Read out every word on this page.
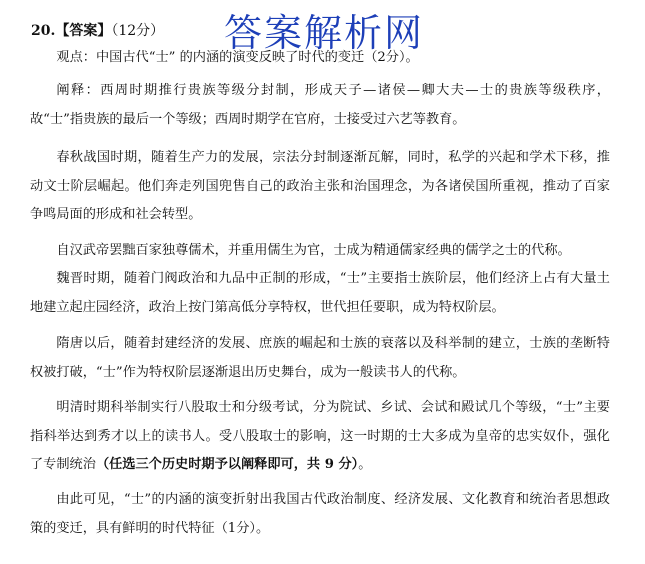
20.【答案】（12分） 答案解析网

观点：中国古代“士” 的内涵的演变反映了时代的变迁（2分）。

阐释：西周时期推行贵族等级分封制，形成天子—诸侯—卿大夫—士的贵族等级秩序，故“士”指贵族的最后一个等级；西周时期学在官府，士接受过六艺等教育。

春秋战国时期，随着生产力的发展，宗法分封制逐渐瓦解，同时，私学的兴起和学术下移，推动文士阶层崛起。他们奔走列国兜售自己的政治主张和治国理念，为各诸侯国所重视，推动了百家争鸣局面的形成和社会转型。

自汉武帝罢黜百家独尊儒术，并重用儒生为官，士成为精通儒家经典的儒学之士的代称。

魏晋时期，随着门阀政治和九品中正制的形成，“士”主要指士族阶层，他们经济上占有大量土地建立起庄园经济，政治上按门第高低分享特权，世代担任要职，成为特权阶层。

隋唐以后，随着封建经济的发展、庶族的崛起和士族的衰落以及科举制的建立，士族的垄断特权被打破，“士”作为特权阶层逐渐退出历史舞台，成为一般读书人的代称。

明清时期科举制实行八股取士和分级考试，分为院试、乡试、会试和殿试几个等级，“士”主要指科举达到秀才以上的读书人。受八股取士的影响，这一时期的士大多成为皇帝的忠实奴仆，强化了专制统治（任选三个历史时期予以阐释即可，共 9 分）。

由此可见，“士”的内涵的演变折射出我国古代政治制度、经济发展、文化教育和统治者思想政策的变迁，具有鲜明的时代特征（1分）。
